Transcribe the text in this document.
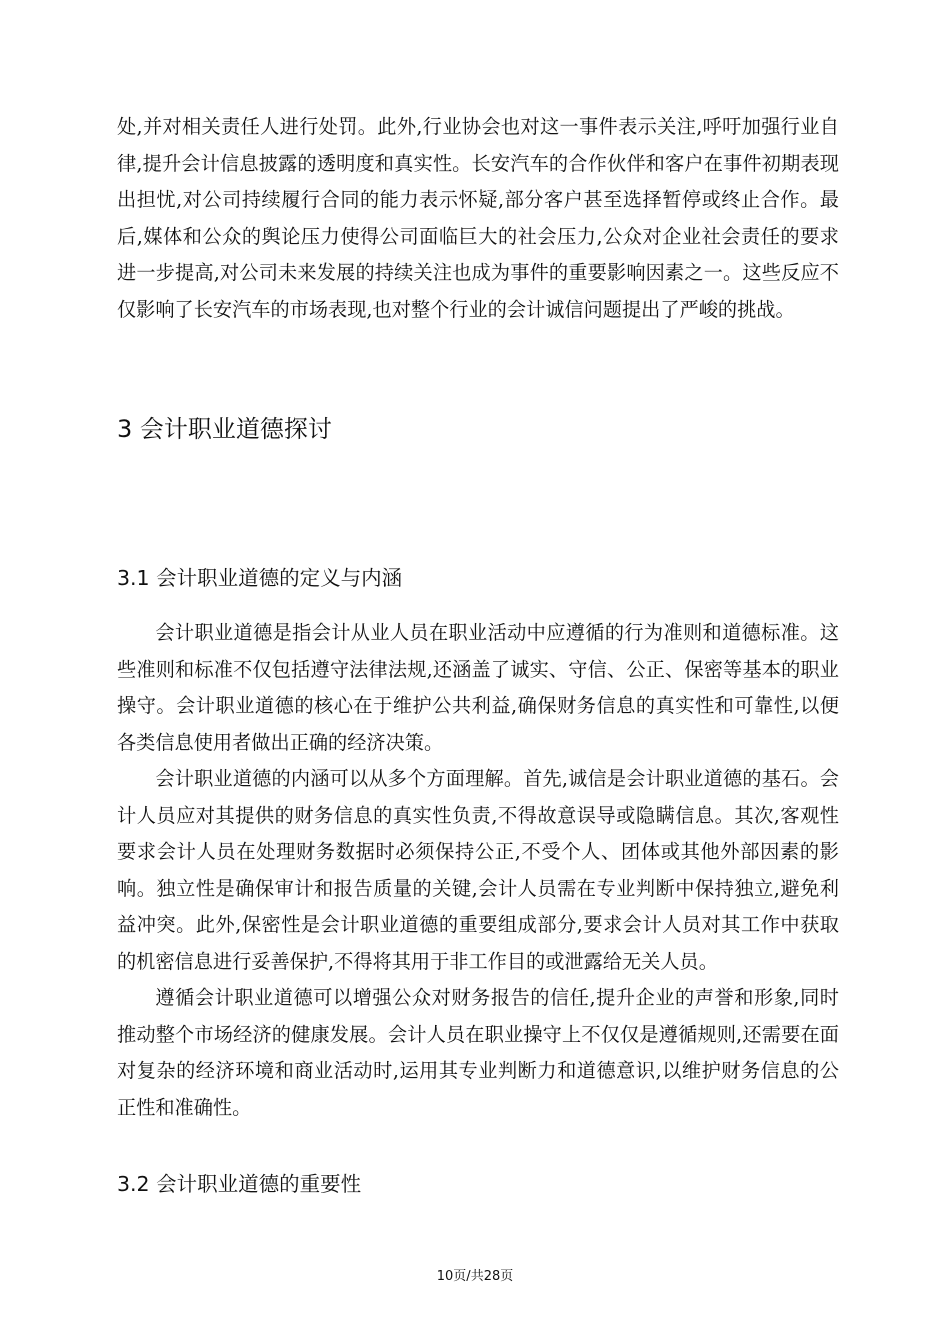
处,并对相关责任人进行处罚。此外,行业协会也对这一事件表示关注,呼吁加强行业自律,提升会计信息披露的透明度和真实性。长安汽车的合作伙伴和客户在事件初期表现出担忧,对公司持续履行合同的能力表示怀疑,部分客户甚至选择暂停或终止合作。最后,媒体和公众的舆论压力使得公司面临巨大的社会压力,公众对企业社会责任的要求进一步提高,对公司未来发展的持续关注也成为事件的重要影响因素之一。这些反应不仅影响了长安汽车的市场表现,也对整个行业的会计诚信问题提出了严峻的挑战。

3 会计职业道德探讨
3.1 会计职业道德的定义与内涵

会计职业道德是指会计从业人员在职业活动中应遵循的行为准则和道德标准。这些准则和标准不仅包括遵守法律法规,还涵盖了诚实、守信、公正、保密等基本的职业操守。会计职业道德的核心在于维护公共利益,确保财务信息的真实性和可靠性,以便各类信息使用者做出正确的经济决策。

会计职业道德的内涵可以从多个方面理解。首先,诚信是会计职业道德的基石。会计人员应对其提供的财务信息的真实性负责,不得故意误导或隐瞒信息。其次,客观性要求会计人员在处理财务数据时必须保持公正,不受个人、团体或其他外部因素的影响。独立性是确保审计和报告质量的关键,会计人员需在专业判断中保持独立,避免利益冲突。此外,保密性是会计职业道德的重要组成部分,要求会计人员对其工作中获取的机密信息进行妥善保护,不得将其用于非工作目的或泄露给无关人员。

遵循会计职业道德可以增强公众对财务报告的信任,提升企业的声誉和形象,同时推动整个市场经济的健康发展。会计人员在职业操守上不仅仅是遵循规则,还需要在面对复杂的经济环境和商业活动时,运用其专业判断力和道德意识,以维护财务信息的公正性和准确性。

3.2 会计职业道德的重要性
10页/共28页
